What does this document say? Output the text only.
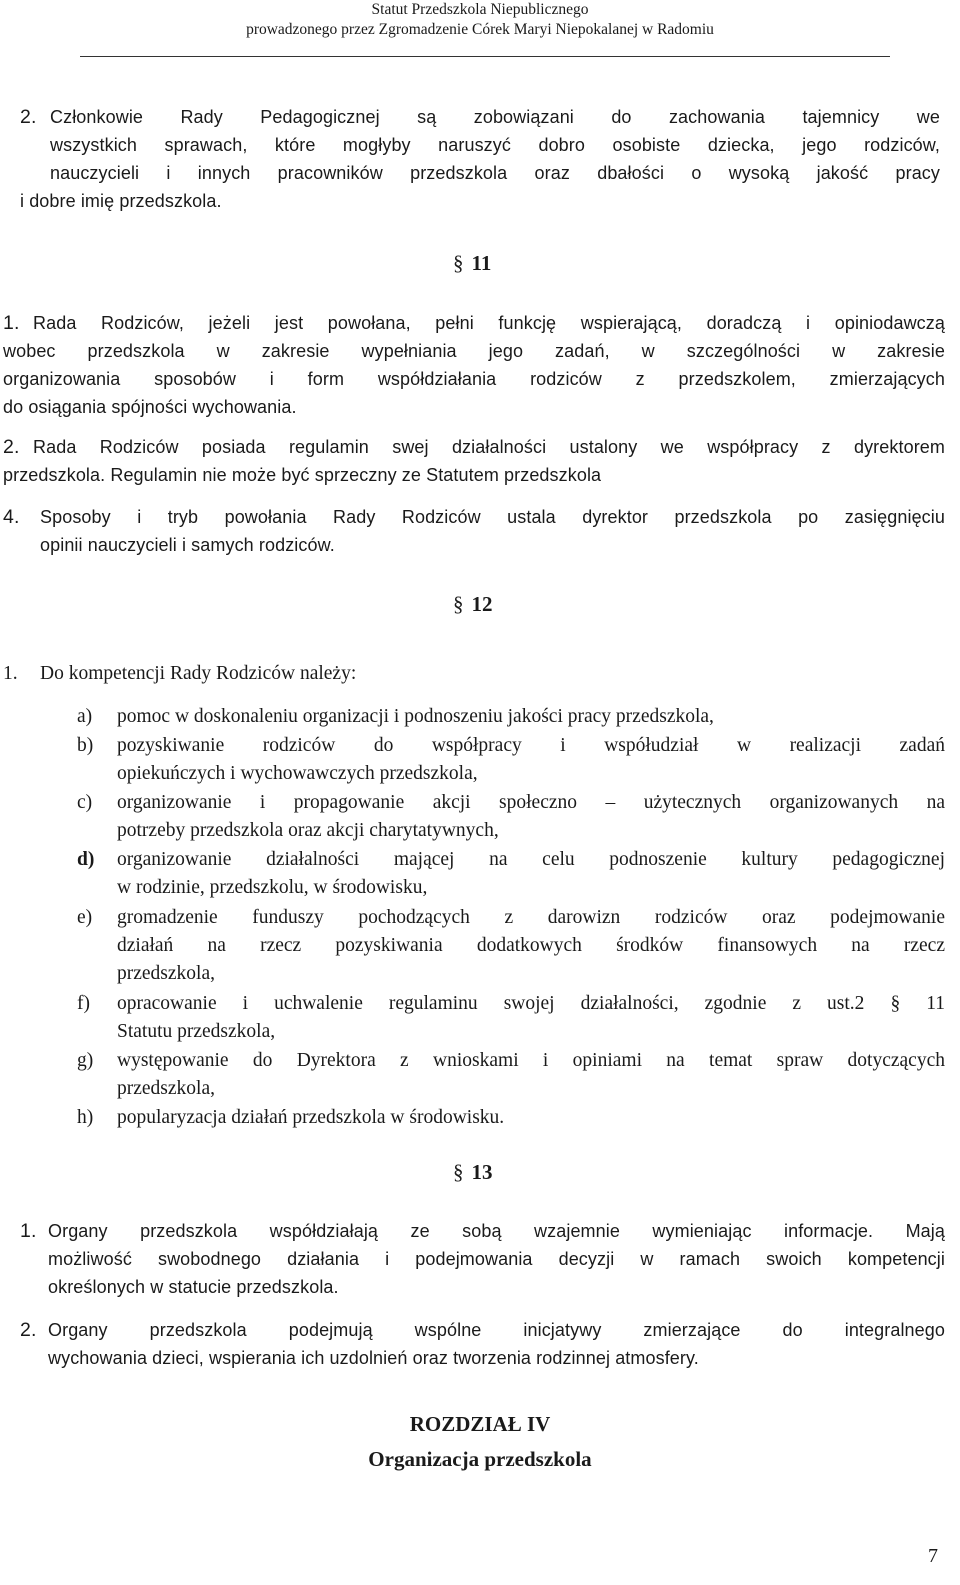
Statut Przedszkola Niepublicznego
prowadzonego przez Zgromadzenie Córek Maryi Niepokalanej w Radomiu
2. Członkowie Rady Pedagogicznej są zobowiązani do zachowania tajemnicy we
wszystkich sprawach, które mogłyby naruszyć dobro osobiste dziecka, jego rodziców,
nauczycieli i innych pracowników przedszkola oraz dbałości o wysoką jakość pracy
i dobre imię przedszkola.
§ 11
1. Rada Rodziców, jeżeli jest powołana, pełni funkcję wspierającą, doradczą i opiniodawczą
wobec przedszkola w zakresie wypełniania jego zadań, w szczególności w zakresie
organizowania sposobów i form współdziałania rodziców z przedszkolem, zmierzających
do osiągania spójności wychowania.
2. Rada Rodziców posiada regulamin swej działalności ustalony we współpracy z dyrektorem
przedszkola. Regulamin nie może być sprzeczny ze Statutem przedszkola
4. Sposoby i tryb powołania Rady Rodziców ustala dyrektor przedszkola po zasięgnięciu
opinii nauczycieli i samych rodziców.
§ 12
1. Do kompetencji Rady Rodziców należy:
a) pomoc w doskonaleniu organizacji i podnoszeniu jakości pracy przedszkola,
b) pozyskiwanie rodziców do współpracy i współudział w realizacji zadań
opiekuńczych i wychowawczych przedszkola,
c) organizowanie i propagowanie akcji społeczno – użytecznych organizowanych na
potrzeby przedszkola oraz akcji charytatywnych,
d) organizowanie działalności mającej na celu podnoszenie kultury pedagogicznej
w rodzinie, przedszkolu, w środowisku,
e) gromadzenie funduszy pochodzących z darowizn rodziców oraz podejmowanie
działań na rzecz pozyskiwania dodatkowych środków finansowych na rzecz
przedszkola,
f) opracowanie i uchwalenie regulaminu swojej działalności, zgodnie z ust.2 § 11
Statutu przedszkola,
g) występowanie do Dyrektora z wnioskami i opiniami na temat spraw dotyczących
przedszkola,
h) popularyzacja działań przedszkola w środowisku.
§ 13
1. Organy przedszkola współdziałają ze sobą wzajemnie wymieniając informacje. Mają
możliwość swobodnego działania i podejmowania decyzji w ramach swoich kompetencji
określonych w statucie przedszkola.
2. Organy przedszkola podejmują wspólne inicjatywy zmierzające do integralnego
wychowania dzieci, wspierania ich uzdolnień oraz tworzenia rodzinnej atmosfery.
ROZDZIAŁ IV
Organizacja przedszkola
7
